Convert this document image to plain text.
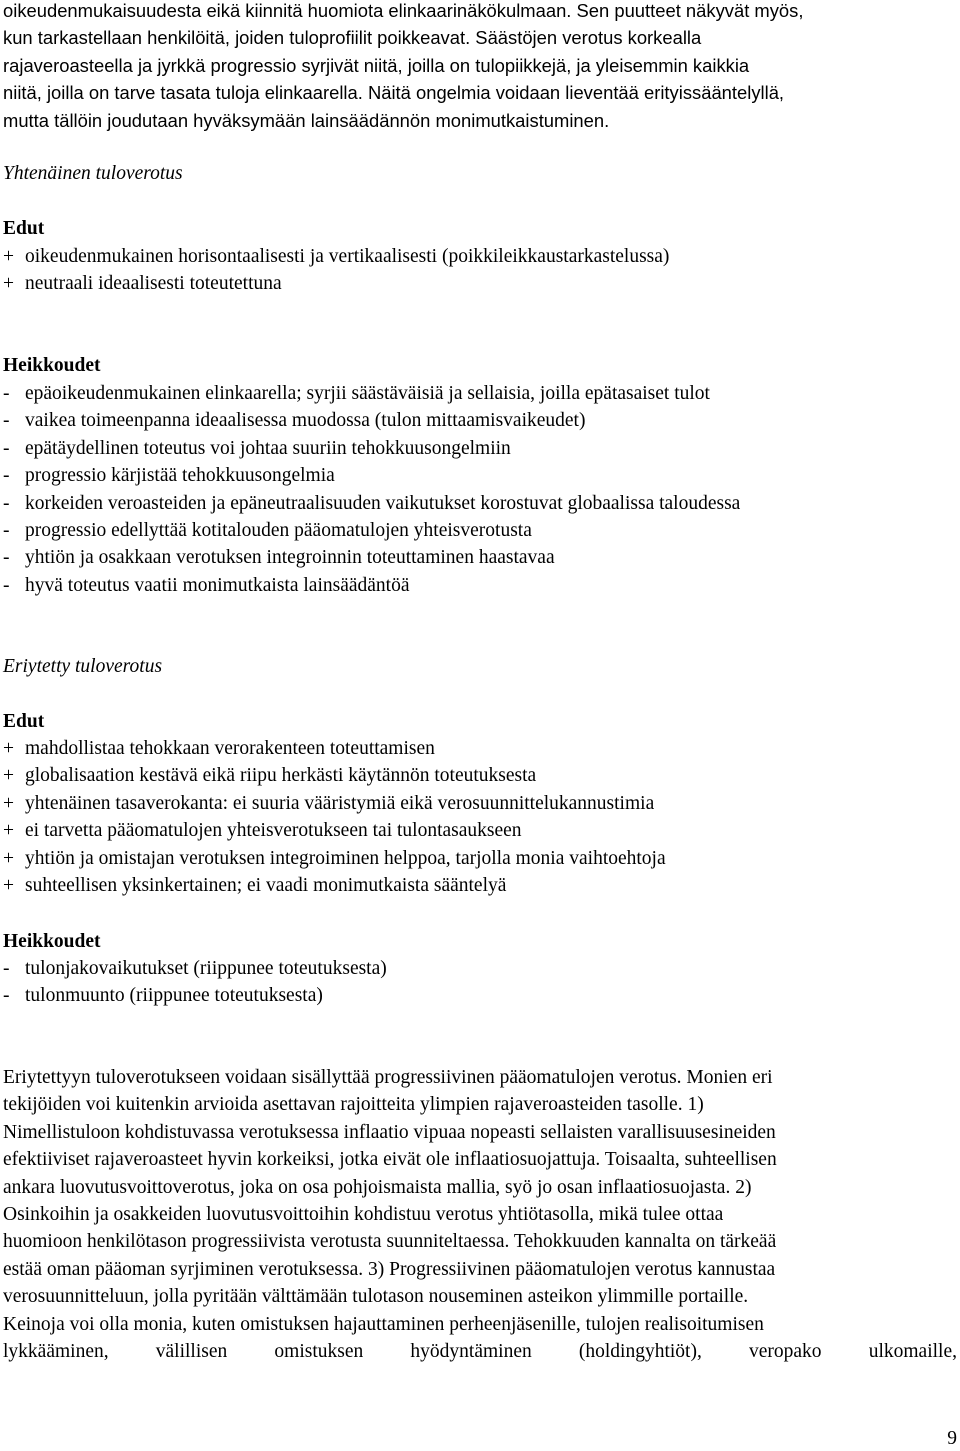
oikeudenmukaisuudesta eikä kiinnitä huomiota elinkaarinäkökulmaan. Sen puutteet näkyvät myös,

kun tarkastellaan henkilöitä, joiden tuloprofiilit poikkeavat. Säästöjen verotus korkealla

rajaveroasteella ja jyrkkä progressio syrjivät niitä, joilla on tulopiikkejä, ja yleisemmin kaikkia

niitä, joilla on tarve tasata tuloja elinkaarella. Näitä ongelmia voidaan lieventää erityissääntelyllä,

mutta tällöin joudutaan hyväksymään lainsäädännön monimutkaistuminen.

Yhtenäinen tuloverotus

Edut

+ oikeudenmukainen horisontaalisesti ja vertikaalisesti (poikkileikkaustarkastelussa)
+ neutraali ideaalisesti toteutettuna

Heikkoudet

- epäoikeudenmukainen elinkaarella; syrjii säästäväisiä ja sellaisia, joilla epätasaiset tulot
- vaikea toimeenpanna ideaalisessa muodossa (tulon mittaamisvaikeudet)
- epätäydellinen toteutus voi johtaa suuriin tehokkuusongelmiin
- progressio kärjistää tehokkuusongelmia
- korkeiden veroasteiden ja epäneutraalisuuden vaikutukset korostuvat globaalissa taloudessa
- progressio edellyttää kotitalouden pääomatulojen yhteisverotusta
- yhtiön ja osakkaan verotuksen integroinnin toteuttaminen haastavaa
- hyvä toteutus vaatii monimutkaista lainsäädäntöä

Eriytetty tuloverotus

Edut

+ mahdollistaa tehokkaan verorakenteen toteuttamisen
+ globalisaation kestävä eikä riipu herkästi käytännön toteutuksesta
+ yhtenäinen tasaverokanta: ei suuria vääristymiä eikä verosuunnittelukannustimia
+ ei tarvetta pääomatulojen yhteisverotukseen tai tulontasaukseen
+ yhtiön ja omistajan verotuksen integroiminen helppoa, tarjolla monia vaihtoehtoja
+ suhteellisen yksinkertainen; ei vaadi monimutkaista sääntelyä

Heikkoudet

- tulonjakovaikutukset (riippunee toteutuksesta)
- tulonmuunto (riippunee toteutuksesta)

Eriytettyyn tuloverotukseen voidaan sisällyttää progressiivinen pääomatulojen verotus. Monien eri

tekijöiden voi kuitenkin arvioida asettavan rajoitteita ylimpien rajaveroasteiden tasolle. 1)

Nimellistuloon kohdistuvassa verotuksessa inflaatio vipuaa nopeasti sellaisten varallisuusesineiden

efektiiviset rajaveroasteet hyvin korkeiksi, jotka eivät ole inflaatiosuojattuja. Toisaalta, suhteellisen

ankara luovutusvoittoverotus, joka on osa pohjoismaista mallia, syö jo osan inflaatiosuojasta. 2)

Osinkoihin ja osakkeiden luovutusvoittoihin kohdistuu verotus yhtiötasolla, mikä tulee ottaa

huomioon henkilötason progressiivista verotusta suunniteltaessa. Tehokkuuden kannalta on tärkeää

estää oman pääoman syrjiminen verotuksessa. 3) Progressiivinen pääomatulojen verotus kannustaa

verosuunnitteluun, jolla pyritään välttämään tulotason nouseminen asteikon ylimmille portaille.

Keinoja voi olla monia, kuten omistuksen hajauttaminen perheenjäsenille, tulojen realisoitumisen

lykkääminen, välillisen omistuksen hyödyntäminen (holdingyhtiöt), veropako ulkomaille,

9
